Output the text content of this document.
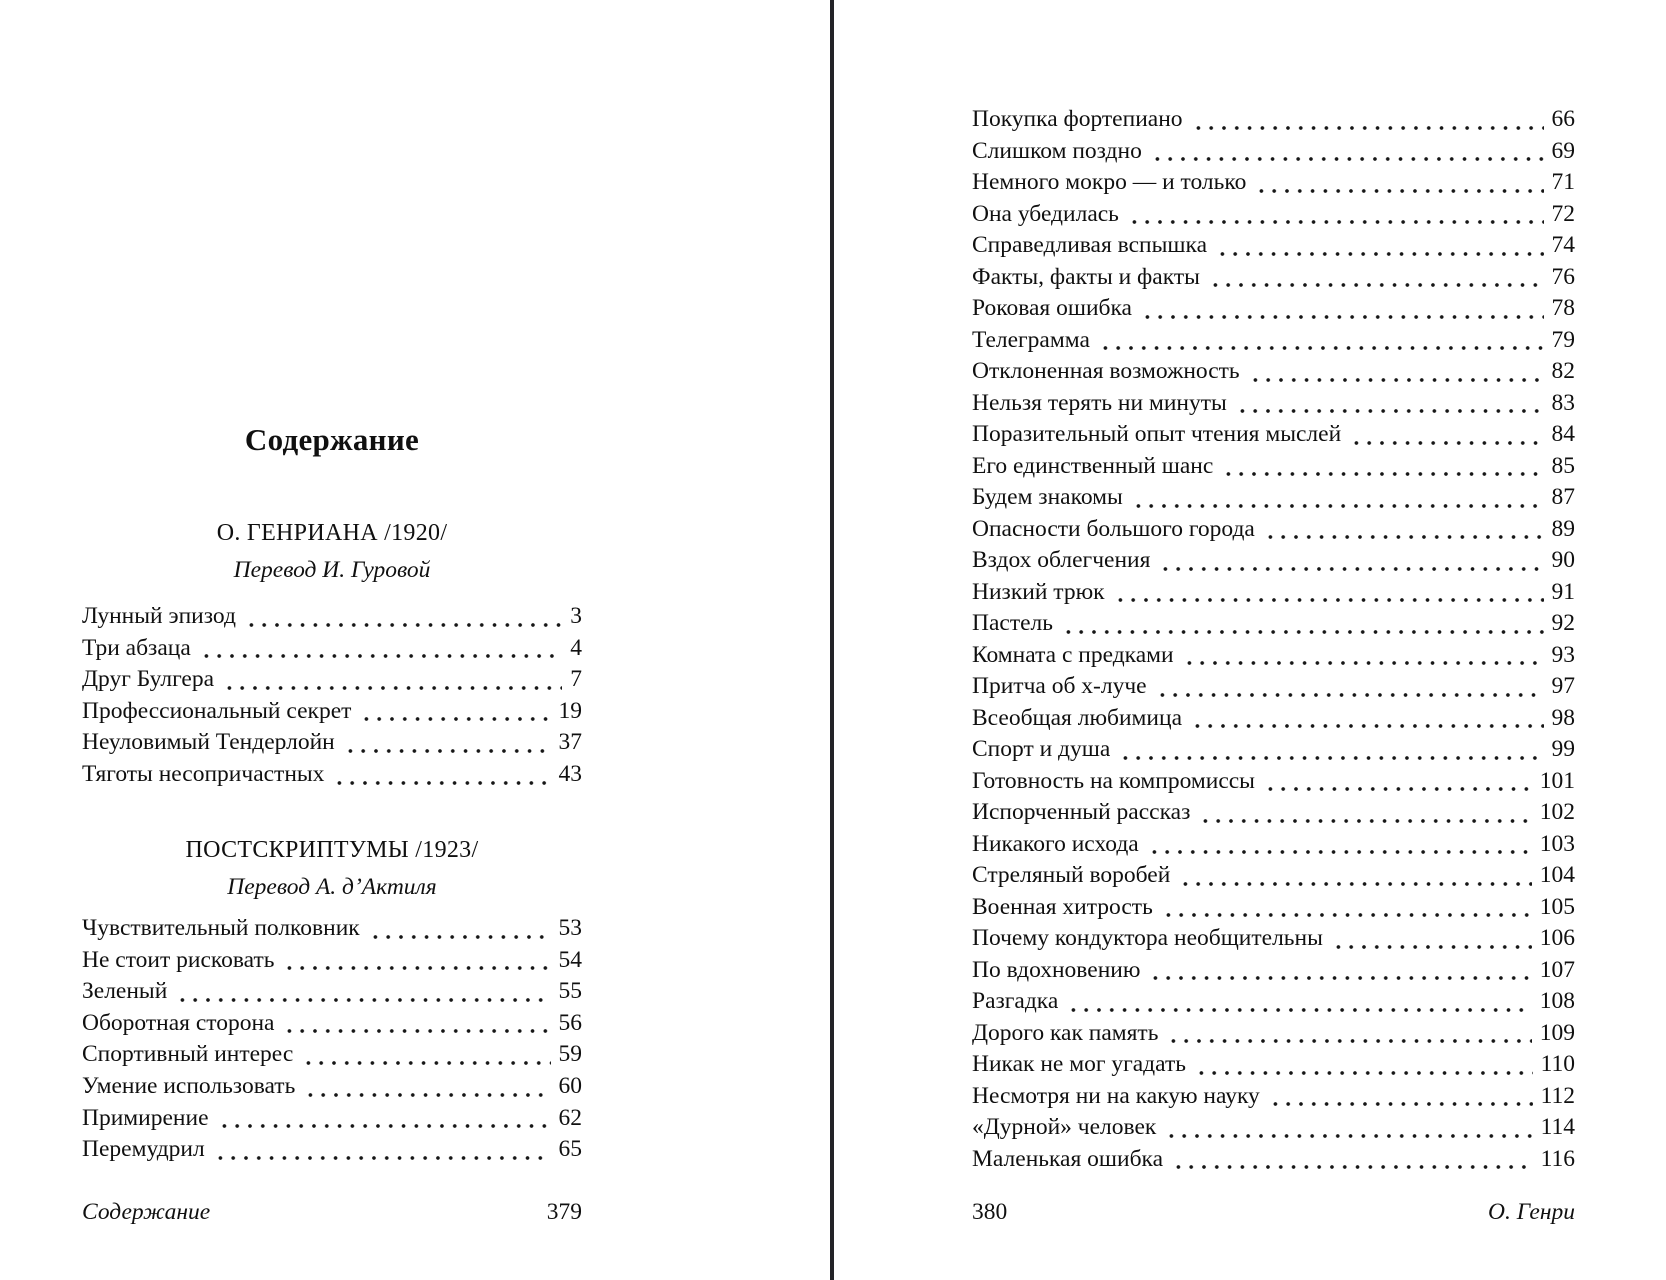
Содержание
О. ГЕНРИАНА /1920/
Перевод И. Гуровой
Лунный эпизод	3
Три абзаца	4
Друг Булгера	7
Профессиональный секрет	19
Неуловимый Тендерлойн	37
Тяготы несопричастных	43
ПОСТСКРИПТУМЫ /1923/
Перевод А. д’Актиля
Чувствительный полковник	53
Не стоит рисковать	54
Зеленый	55
Оборотная сторона	56
Спортивный интерес	59
Умение использовать	60
Примирение	62
Перемудрил	65
Содержание	379
Покупка фортепиано	66
Слишком поздно	69
Немного мокро — и только	71
Она убедилась	72
Справедливая вспышка	74
Факты, факты и факты	76
Роковая ошибка	78
Телеграмма	79
Отклоненная возможность	82
Нельзя терять ни минуты	83
Поразительный опыт чтения мыслей	84
Его единственный шанс	85
Будем знакомы	87
Опасности большого города	89
Вздох облегчения	90
Низкий трюк	91
Пастель	92
Комната с предками	93
Притча об х-луче	97
Всеобщая любимица	98
Спорт и душа	99
Готовность на компромиссы	101
Испорченный рассказ	102
Никакого исхода	103
Стреляный воробей	104
Военная хитрость	105
Почему кондуктора необщительны	106
По вдохновению	107
Разгадка	108
Дорого как память	109
Никак не мог угадать	110
Несмотря ни на какую науку	112
«Дурной» человек	114
Маленькая ошибка	116
380	О. Генри
